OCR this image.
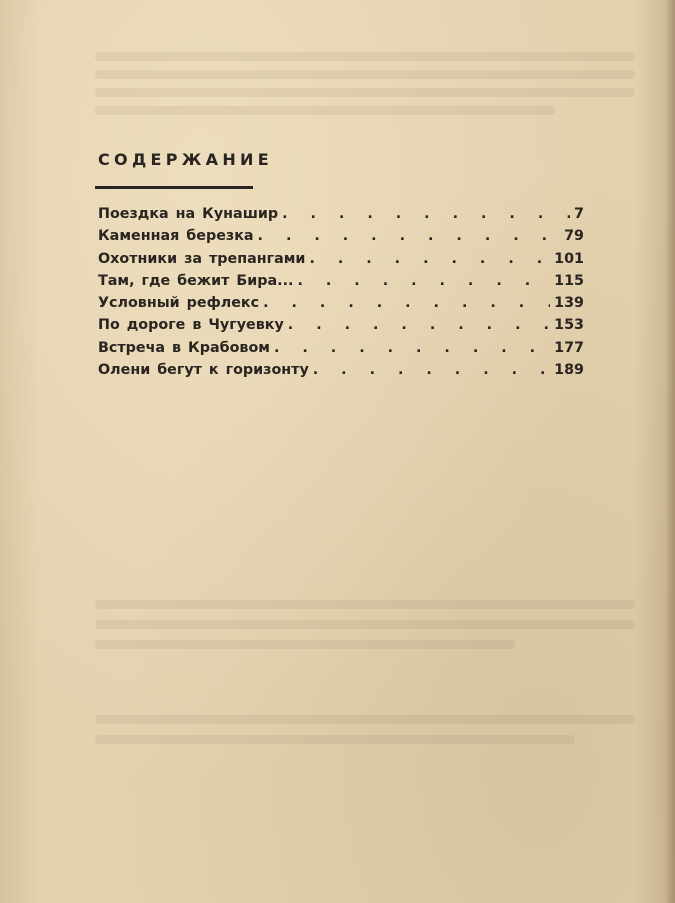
СОДЕРЖАНИЕ
Поездка на Кунашир . . .	7
Каменная березка . . .	79
Охотники за трепангами . . .	101
Там, где бежит Бира... . . .	115
Условный рефлекс . . .	139
По дороге в Чугуевку . . .	153
Встреча в Крабовом . . .	177
Олени бегут к горизонту . . .	189
